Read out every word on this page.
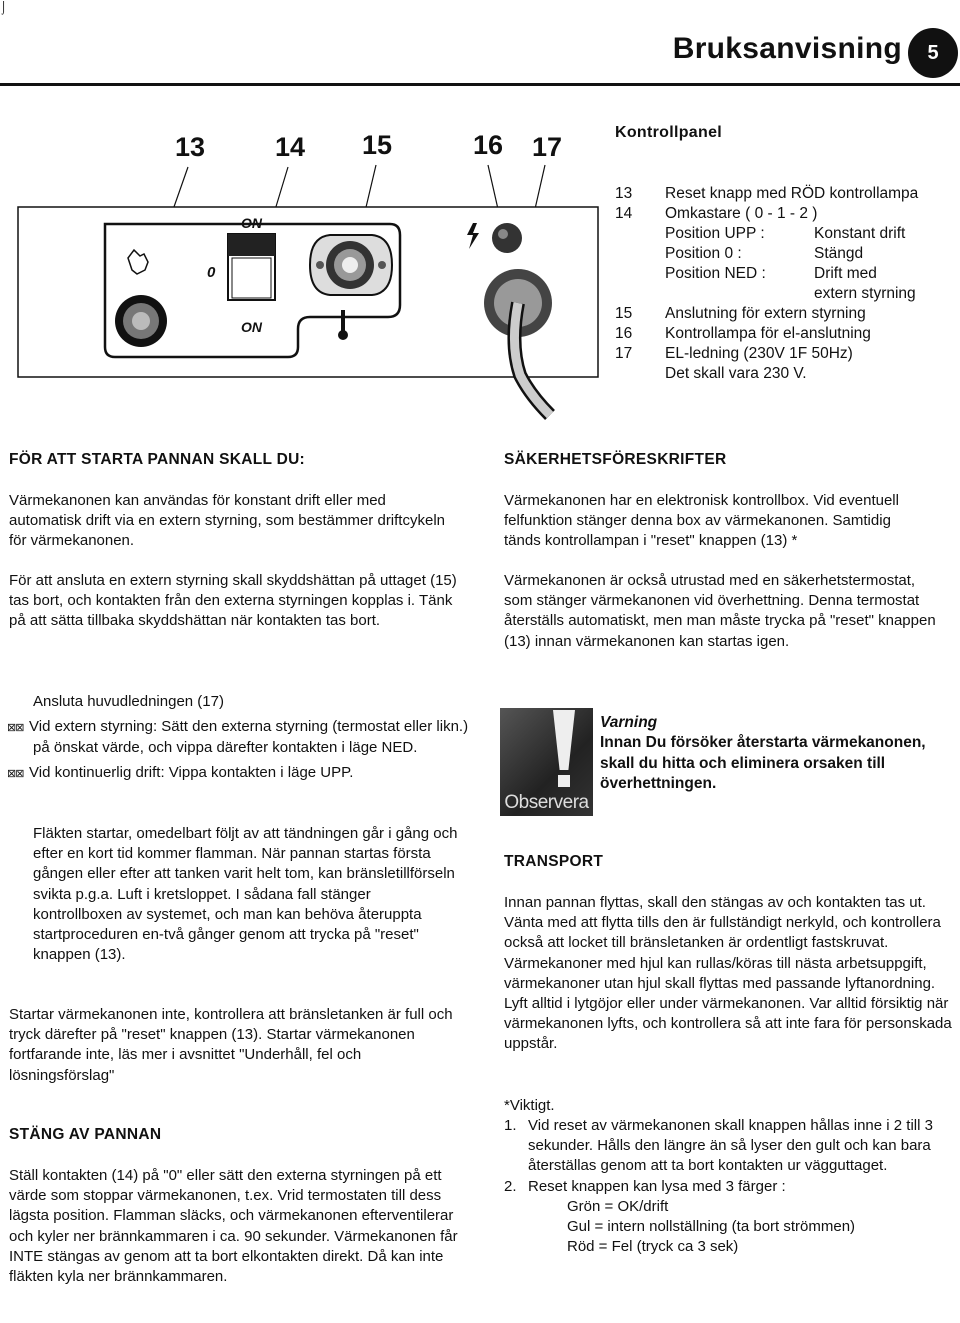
⌡
Bruksanvisning	5
13	14 15	16 17
ON
0
ON
Kontrollpanel
13 Reset knapp med RÖD kontrollampa
14 Omkastare ( 0 - 1 - 2 )
Position UPP :	Konstant drift
Position 0 :	Stängd
Position NED :	Drift med
extern styrning
15 Anslutning för extern styrning
16 Kontrollampa för el-anslutning
17 EL-ledning (230V 1F 50Hz)
Det skall vara 230 V.
FÖR ATT STARTA PANNAN SKALL DU:

Värmekanonen kan användas för konstant drift eller med automatisk drift via en extern styrning, som bestämmer driftcykeln för värmekanonen.

För att ansluta en extern styrning skall skyddshättan på uttaget (15) tas bort, och kontakten från den externa styrningen kopplas i. Tänk på att sätta tillbaka skyddshättan när kontakten tas bort.

Ansluta huvudledningen (17)
⊠⊠ Vid extern styrning: Sätt den externa styrning (termostat eller likn.) på önskat värde, och vippa därefter kontakten i läge NED.
⊠⊠ Vid kontinuerlig drift: Vippa kontakten i läge UPP.

Fläkten startar, omedelbart följt av att tändningen går i gång och efter en kort tid kommer flamman. När pannan startas första gången eller efter att tanken varit helt tom, kan bränsletillförseln svikta p.g.a. Luft i kretsloppet. I sådana fall stänger kontrollboxen av systemet, och man kan behöva återuppta startproceduren en-två gånger genom att trycka på "reset" knappen (13).

Startar värmekanonen inte, kontrollera att bränsletanken är full och tryck därefter på "reset" knappen (13). Startar värmekanonen fortfarande inte, läs mer i avsnittet "Underhåll, fel och lösningsförslag"

STÄNG AV PANNAN

Ställ kontakten (14) på "0" eller sätt den externa styrningen på ett värde som stoppar värmekanonen, t.ex. Vrid termostaten till dess lägsta position. Flamman släcks, och värmekanonen efterventilerar och kyler ner brännkammaren i ca. 90 sekunder. Värmekanonen får INTE stängas av genom att ta bort elkontakten direkt. Då kan inte fläkten kyla ner brännkammaren.

SÄKERHETSFÖRESKRIFTER

Värmekanonen har en elektronisk kontrollbox. Vid eventuell felfunktion stänger denna box av värmekanonen. Samtidig tänds kontrollampan i "reset" knappen (13) *

Värmekanonen är också utrustad med en säkerhetstermostat, som stänger värmekanonen vid överhettning. Denna termostat återställs automatiskt, men man måste trycka på "reset" knappen (13) innan värmekanonen kan startas igen.

Observera
Varning
Innan Du försöker återstarta värmekanonen, skall du hitta och eliminera orsaken till överhettningen.
TRANSPORT

Innan pannan flyttas, skall den stängas av och kontakten tas ut. Vänta med att flytta tills den är fullständigt nerkyld, och kontrollera också att locket till bränsletanken är ordentligt fastskruvat. Värmekanoner med hjul kan rullas/köras till nästa arbetsuppgift, värmekanoner utan hjul skall flyttas med passande lyftanordning. Lyft alltid i lytgöjor eller under värmekanonen. Var alltid försiktig när värmekanonen lyfts, och kontrollera så att inte fara för personskada uppstår.

*Viktigt.
1. Vid reset av värmekanonen skall knappen hållas inne i 2 till 3 sekunder. Hålls den längre än så lyser den gult och kan bara återställas genom att ta bort kontakten ur vägguttaget.
2. Reset knappen kan lysa med 3 färger :
Grön = OK/drift
Gul = intern nollställning (ta bort strömmen)
Röd = Fel (tryck ca 3 sek)
